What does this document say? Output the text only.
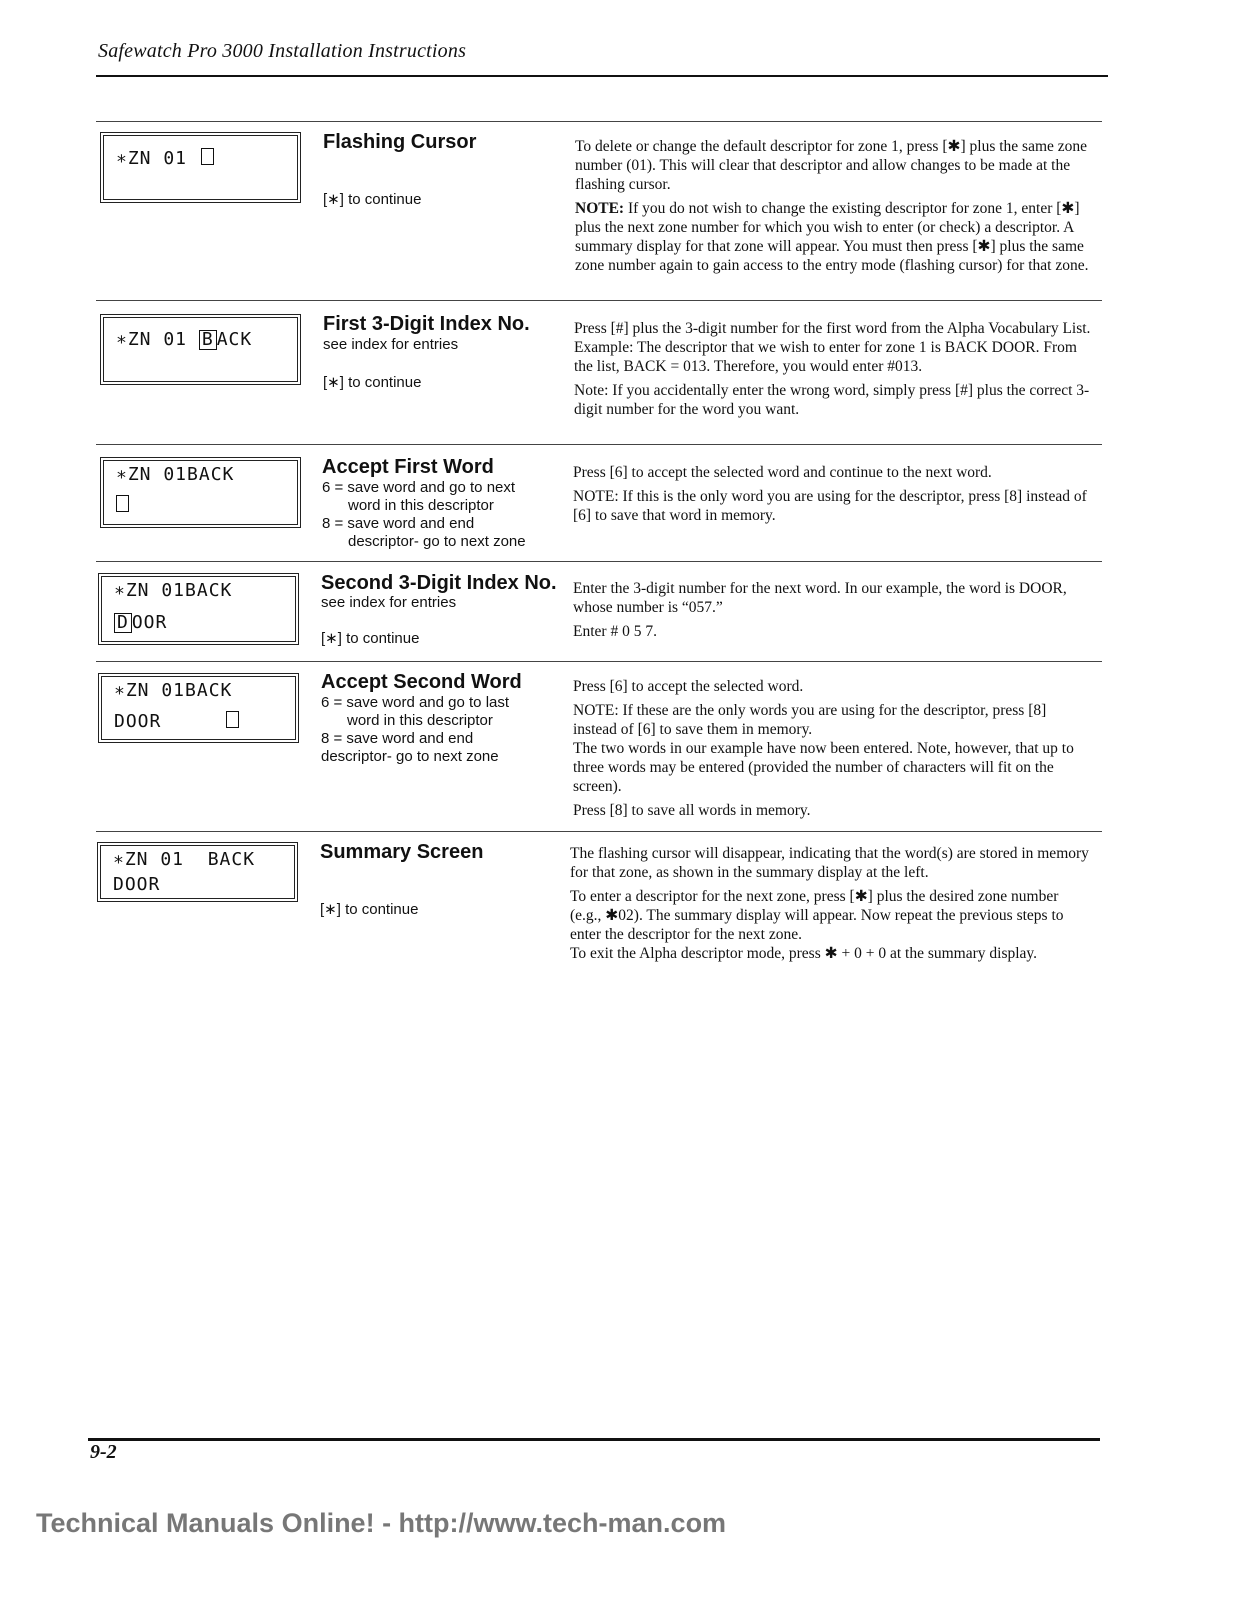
Safewatch Pro 3000 Installation Instructions
∗ZN 01
Flashing Cursor
[∗] to continue

To delete or change the default descriptor for zone 1, press [✱] plus the same zone number (01). This will clear that descriptor and allow changes to be made at the flashing cursor.

NOTE: If you do not wish to change the existing descriptor for zone 1, enter [✱] plus the next zone number for which you wish to enter (or check) a descriptor. A summary display for that zone will appear. You must then press [✱] plus the same zone number again to gain access to the entry mode (flashing cursor) for that zone.

∗ZN 01 B ACK
First 3-Digit Index No.
see index for entries
[∗] to continue

Press [#] plus the 3-digit number for the first word from the Alpha Vocabulary List. Example: The descriptor that we wish to enter for zone 1 is BACK DOOR. From the list, BACK = 013. Therefore, you would enter #013.

Note: If you accidentally enter the wrong word, simply press [#] plus the correct 3-digit number for the word you want.

∗ZN 01BACK	Accept First Word
6 = save word and go to next
word in this descriptor
8 = save word and end
descriptor- go to next zone

Press [6] to accept the selected word and continue to the next word.

NOTE: If this is the only word you are using for the descriptor, press [8] instead of [6] to save that word in memory.

∗ZN 01BACK
D OOR
Second 3-Digit Index No.
see index for entries
[∗] to continue

Enter the 3-digit number for the next word. In our example, the word is DOOR, whose number is “057.”

Enter # 0 5 7.

∗ZN 01BACK
DOOR
Accept Second Word
6 = save word and go to last
word in this descriptor
8 = save word and end
descriptor- go to next zone

Press [6] to accept the selected word.

NOTE: If these are the only words you are using for the descriptor, press [8] instead of [6] to save them in memory.

The two words in our example have now been entered. Note, however, that up to three words may be entered (provided the number of characters will fit on the screen).

Press [8] to save all words in memory.

∗ZN 01  BACK
DOOR
Summary Screen
[∗] to continue

The flashing cursor will disappear, indicating that the word(s) are stored in memory for that zone, as shown in the summary display at the left.

To enter a descriptor for the next zone, press [✱] plus the desired zone number (e.g., ✱02). The summary display will appear. Now repeat the previous steps to enter the descriptor for the next zone.

To exit the Alpha descriptor mode, press ✱ + 0 + 0 at the summary display.

9-2
Technical Manuals Online! - http://www.tech-man.com
